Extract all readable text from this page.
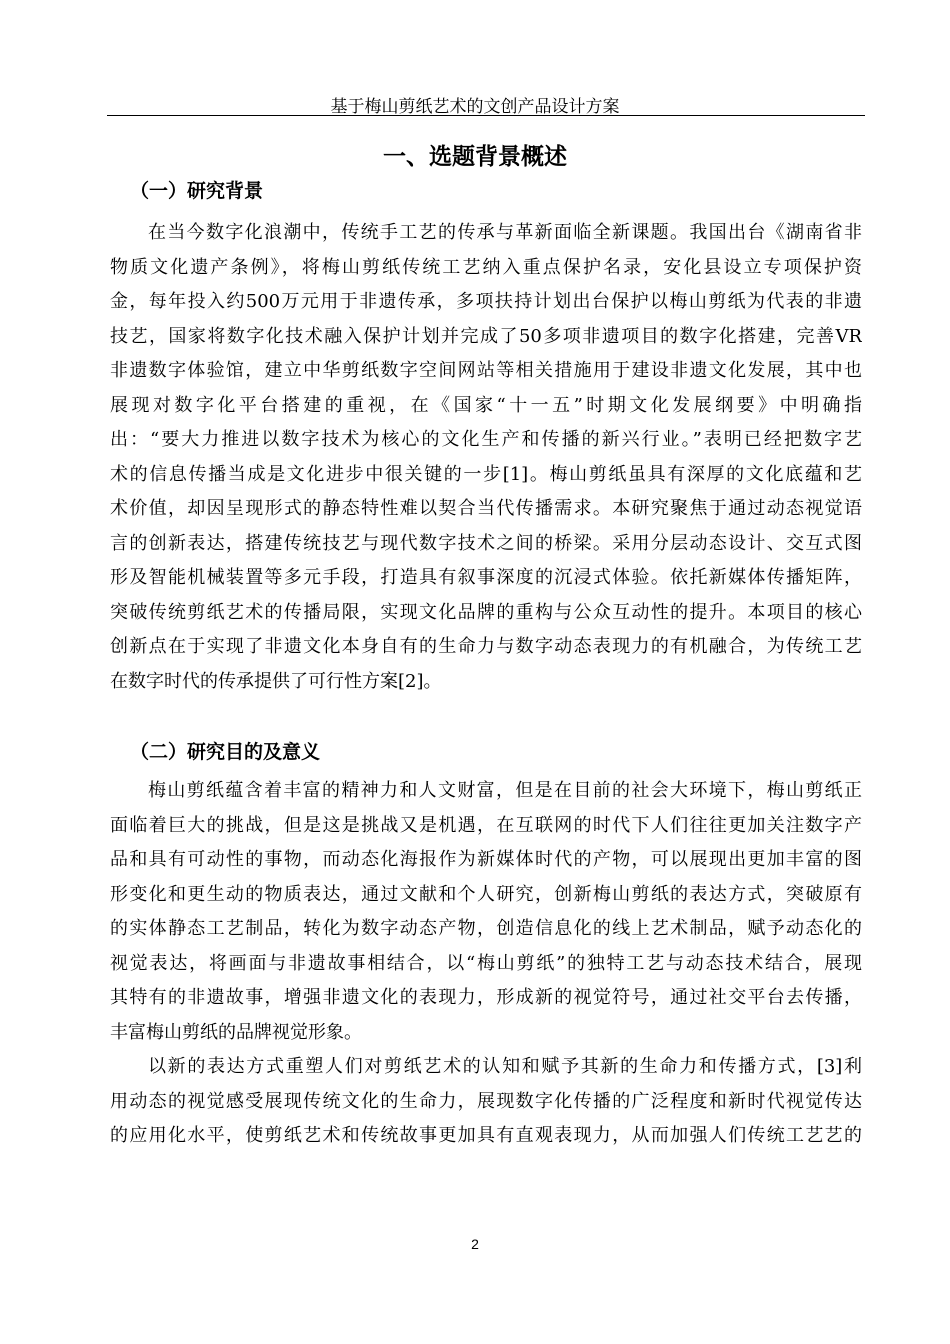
基于梅山剪纸艺术的文创产品设计方案
一、选题背景概述
（一）研究背景
在当今数字化浪潮中，传统手工艺的传承与革新面临全新课题。我国出台《湖南省非
物质文化遗产条例》，将梅山剪纸传统工艺纳入重点保护名录，安化县设立专项保护资
金，每年投入约500万元用于非遗传承，多项扶持计划出台保护以梅山剪纸为代表的非遗
技艺，国家将数字化技术融入保护计划并完成了50多项非遗项目的数字化搭建，完善VR
非遗数字体验馆，建立中华剪纸数字空间网站等相关措施用于建设非遗文化发展，其中也
展现对数字化平台搭建的重视，在《国家“十一五”时期文化发展纲要》中明确指
出：“要大力推进以数字技术为核心的文化生产和传播的新兴行业。”表明已经把数字艺
术的信息传播当成是文化进步中很关键的一步[1]。梅山剪纸虽具有深厚的文化底蕴和艺
术价值，却因呈现形式的静态特性难以契合当代传播需求。本研究聚焦于通过动态视觉语
言的创新表达，搭建传统技艺与现代数字技术之间的桥梁。采用分层动态设计、交互式图
形及智能机械装置等多元手段，打造具有叙事深度的沉浸式体验。依托新媒体传播矩阵，
突破传统剪纸艺术的传播局限，实现文化品牌的重构与公众互动性的提升。本项目的核心
创新点在于实现了非遗文化本身自有的生命力与数字动态表现力的有机融合，为传统工艺
在数字时代的传承提供了可行性方案[2]。
（二）研究目的及意义
梅山剪纸蕴含着丰富的精神力和人文财富，但是在目前的社会大环境下，梅山剪纸正
面临着巨大的挑战，但是这是挑战又是机遇，在互联网的时代下人们往往更加关注数字产
品和具有可动性的事物，而动态化海报作为新媒体时代的产物，可以展现出更加丰富的图
形变化和更生动的物质表达，通过文献和个人研究，创新梅山剪纸的表达方式，突破原有
的实体静态工艺制品，转化为数字动态产物，创造信息化的线上艺术制品，赋予动态化的
视觉表达，将画面与非遗故事相结合，以“梅山剪纸”的独特工艺与动态技术结合，展现
其特有的非遗故事，增强非遗文化的表现力，形成新的视觉符号，通过社交平台去传播，
丰富梅山剪纸的品牌视觉形象。
以新的表达方式重塑人们对剪纸艺术的认知和赋予其新的生命力和传播方式，[3]利
用动态的视觉感受展现传统文化的生命力，展现数字化传播的广泛程度和新时代视觉传达
的应用化水平，使剪纸艺术和传统故事更加具有直观表现力，从而加强人们传统工艺艺的
2
